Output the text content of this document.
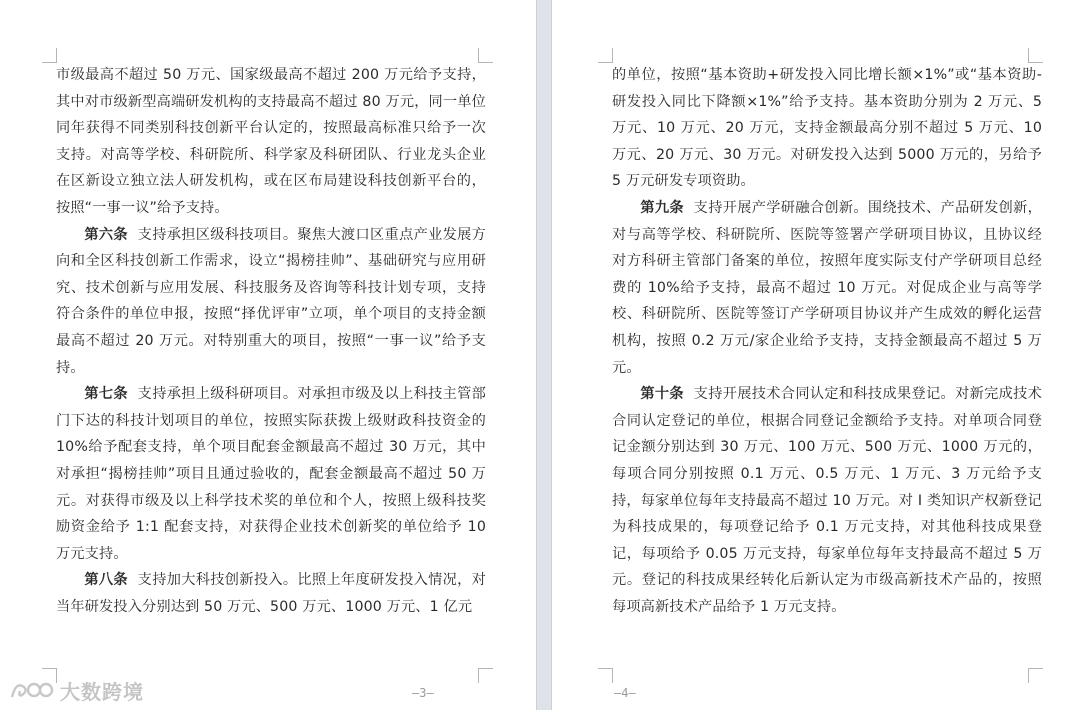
市级最高不超过 50 万元、国家级最高不超过 200 万元给予支持，其中对市级新型高端研发机构的支持最高不超过 80 万元，同一单位同年获得不同类别科技创新平台认定的，按照最高标准只给予一次支持。对高等学校、科研院所、科学家及科研团队、行业龙头企业在区新设立独立法人研发机构，或在区布局建设科技创新平台的，按照“一事一议”给予支持。

第六条 支持承担区级科技项目。聚焦大渡口区重点产业发展方向和全区科技创新工作需求，设立“揭榜挂帅”、基础研究与应用研究、技术创新与应用发展、科技服务及咨询等科技计划专项，支持符合条件的单位申报，按照“择优评审”立项，单个项目的支持金额最高不超过 20 万元。对特别重大的项目，按照“一事一议”给予支持。

第七条 支持承担上级科研项目。对承担市级及以上科技主管部门下达的科技计划项目的单位，按照实际获拨上级财政科技资金的 10%给予配套支持，单个项目配套金额最高不超过 30 万元，其中对承担“揭榜挂帅”项目且通过验收的，配套金额最高不超过 50 万元。对获得市级及以上科学技术奖的单位和个人，按照上级科技奖励资金给予 1:1 配套支持，对获得企业技术创新奖的单位给予 10 万元支持。

第八条 支持加大科技创新投入。比照上年度研发投入情况，对当年研发投入分别达到 50 万元、500 万元、1000 万元、1 亿元

—3—

的单位，按照“基本资助+研发投入同比增长额×1%”或“基本资助-研发投入同比下降额×1%”给予支持。基本资助分别为 2 万元、5 万元、10 万元、20 万元，支持金额最高分别不超过 5 万元、10 万元、20 万元、30 万元。对研发投入达到 5000 万元的，另给予 5 万元研发专项资助。

第九条 支持开展产学研融合创新。围绕技术、产品研发创新，对与高等学校、科研院所、医院等签署产学研项目协议，且协议经对方科研主管部门备案的单位，按照年度实际支付产学研项目总经费的 10%给予支持，最高不超过 10 万元。对促成企业与高等学校、科研院所、医院等签订产学研项目协议并产生成效的孵化运营机构，按照 0.2 万元/家企业给予支持，支持金额最高不超过 5 万元。

第十条 支持开展技术合同认定和科技成果登记。对新完成技术合同认定登记的单位，根据合同登记金额给予支持。对单项合同登记金额分别达到 30 万元、100 万元、500 万元、1000 万元的，每项合同分别按照 0.1 万元、0.5 万元、1 万元、3 万元给予支持，每家单位每年支持最高不超过 10 万元。对 I 类知识产权新登记为科技成果的，每项登记给予 0.1 万元支持，对其他科技成果登记，每项给予 0.05 万元支持，每家单位每年支持最高不超过 5 万元。登记的科技成果经转化后新认定为市级高新技术产品的，按照每项高新技术产品给予 1 万元支持。

—4—
大数跨境
